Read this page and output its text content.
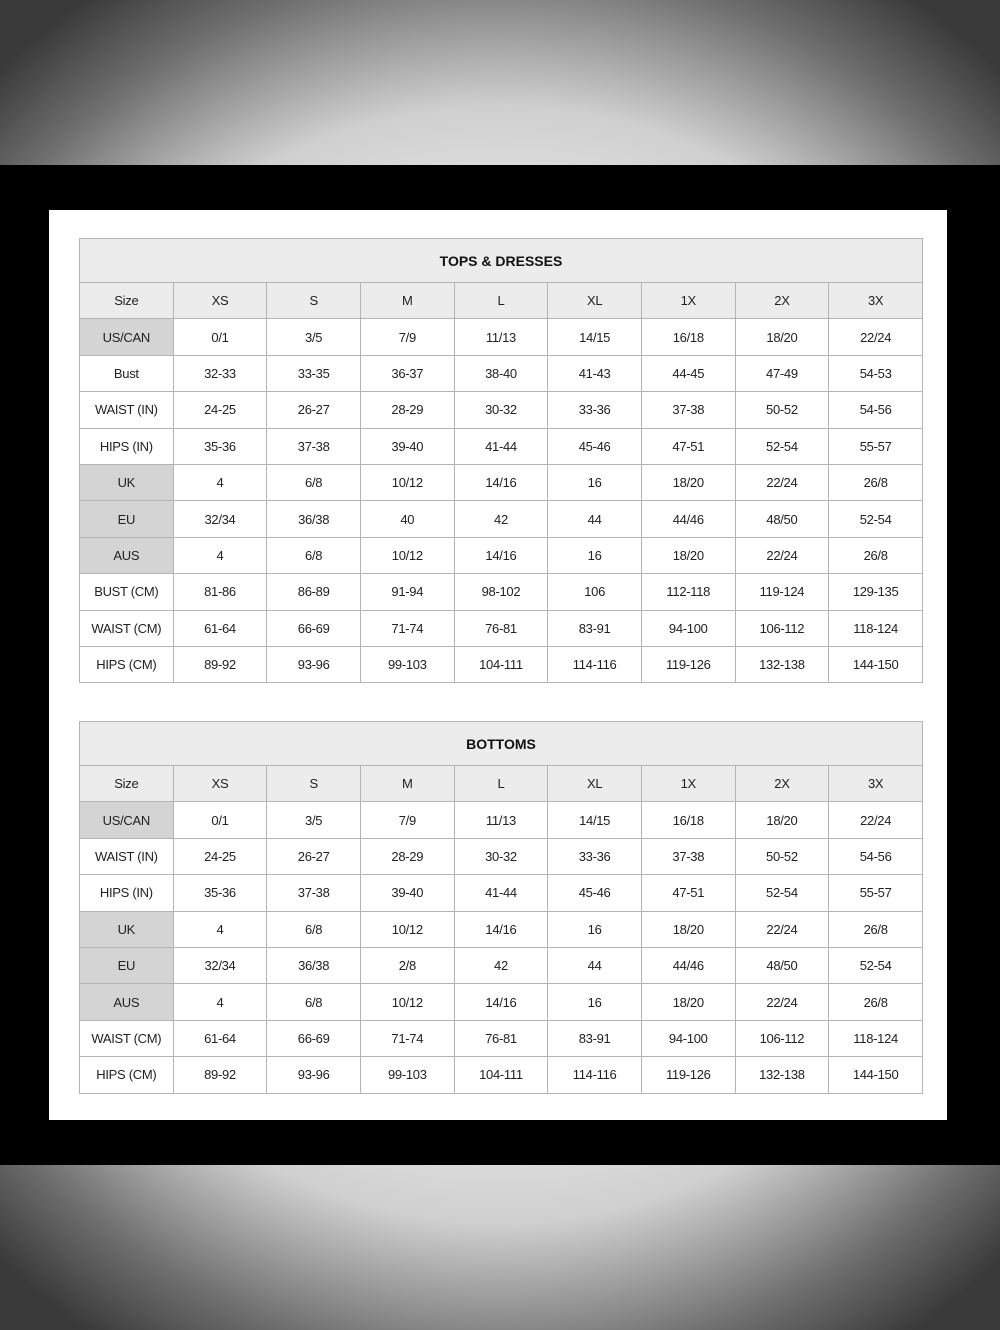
TOPS & DRESSES								
Size	XS	S	M	L	XL	1X	2X	3X
US/CAN	0/1	3/5	7/9	11/13	14/15	16/18	18/20	22/24
Bust	32-33	33-35	36-37	38-40	41-43	44-45	47-49	54-53
WAIST (IN)	24-25	26-27	28-29	30-32	33-36	37-38	50-52	54-56
HIPS (IN)	35-36	37-38	39-40	41-44	45-46	47-51	52-54	55-57
UK	4	6/8	10/12	14/16	16	18/20	22/24	26/8
EU	32/34	36/38	40	42	44	44/46	48/50	52-54
AUS	4	6/8	10/12	14/16	16	18/20	22/24	26/8
BUST (CM)	81-86	86-89	91-94	98-102	106	112-118	119-124	129-135
WAIST (CM)	61-64	66-69	71-74	76-81	83-91	94-100	106-112	118-124
HIPS (CM)	89-92	93-96	99-103	104-111	114-116	119-126	132-138	144-150
BOTTOMS								
Size	XS	S	M	L	XL	1X	2X	3X
US/CAN	0/1	3/5	7/9	11/13	14/15	16/18	18/20	22/24
WAIST (IN)	24-25	26-27	28-29	30-32	33-36	37-38	50-52	54-56
HIPS (IN)	35-36	37-38	39-40	41-44	45-46	47-51	52-54	55-57
UK	4	6/8	10/12	14/16	16	18/20	22/24	26/8
EU	32/34	36/38	2/8	42	44	44/46	48/50	52-54
AUS	4	6/8	10/12	14/16	16	18/20	22/24	26/8
WAIST (CM)	61-64	66-69	71-74	76-81	83-91	94-100	106-112	118-124
HIPS (CM)	89-92	93-96	99-103	104-111	114-116	119-126	132-138	144-150
